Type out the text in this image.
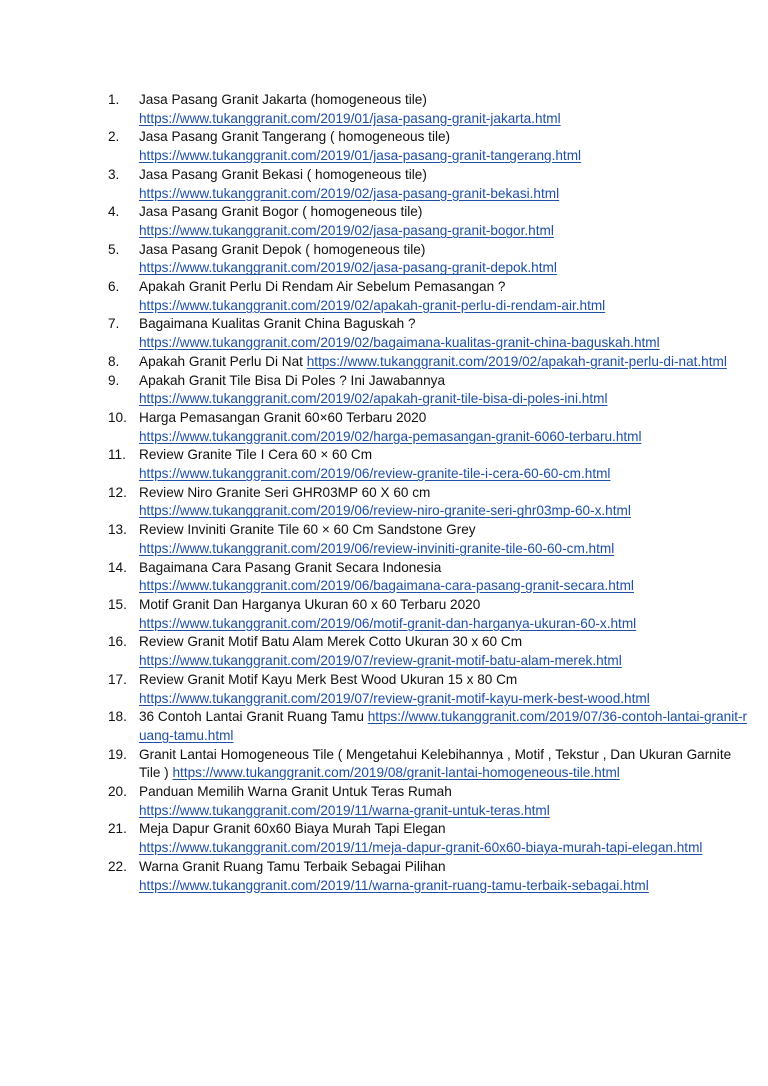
1.	Jasa Pasang Granit Jakarta (homogeneous tile)
https://www.tukanggranit.com/2019/01/jasa-pasang-granit-jakarta.html
2.	Jasa Pasang Granit Tangerang ( homogeneous tile)
https://www.tukanggranit.com/2019/01/jasa-pasang-granit-tangerang.html
3.	Jasa Pasang Granit Bekasi ( homogeneous tile)
https://www.tukanggranit.com/2019/02/jasa-pasang-granit-bekasi.html
4.	Jasa Pasang Granit Bogor ( homogeneous tile)
https://www.tukanggranit.com/2019/02/jasa-pasang-granit-bogor.html
5.	Jasa Pasang Granit Depok ( homogeneous tile)
https://www.tukanggranit.com/2019/02/jasa-pasang-granit-depok.html
6.	Apakah Granit Perlu Di Rendam Air Sebelum Pemasangan ?
https://www.tukanggranit.com/2019/02/apakah-granit-perlu-di-rendam-air.html
7.	Bagaimana Kualitas Granit China Baguskah ?
https://www.tukanggranit.com/2019/02/bagaimana-kualitas-granit-china-baguskah.html
8.	Apakah Granit Perlu Di Nat https://www.tukanggranit.com/2019/02/apakah-granit-perlu-di-nat.html
9.	Apakah Granit Tile Bisa Di Poles ? Ini Jawabannya
https://www.tukanggranit.com/2019/02/apakah-granit-tile-bisa-di-poles-ini.html
10. Harga Pemasangan Granit 60×60 Terbaru 2020
https://www.tukanggranit.com/2019/02/harga-pemasangan-granit-6060-terbaru.html
11. Review Granite Tile I Cera 60 × 60 Cm
https://www.tukanggranit.com/2019/06/review-granite-tile-i-cera-60-60-cm.html
12. Review Niro Granite Seri GHR03MP 60 X 60 cm
https://www.tukanggranit.com/2019/06/review-niro-granite-seri-ghr03mp-60-x.html
13. Review Inviniti Granite Tile 60 × 60 Cm Sandstone Grey
https://www.tukanggranit.com/2019/06/review-inviniti-granite-tile-60-60-cm.html
14. Bagaimana Cara Pasang Granit Secara Indonesia
https://www.tukanggranit.com/2019/06/bagaimana-cara-pasang-granit-secara.html
15. Motif Granit Dan Harganya Ukuran 60 x 60 Terbaru 2020
https://www.tukanggranit.com/2019/06/motif-granit-dan-harganya-ukuran-60-x.html
16. Review Granit Motif Batu Alam Merek Cotto Ukuran 30 x 60 Cm
https://www.tukanggranit.com/2019/07/review-granit-motif-batu-alam-merek.html
17. Review Granit Motif Kayu Merk Best Wood Ukuran 15 x 80 Cm
https://www.tukanggranit.com/2019/07/review-granit-motif-kayu-merk-best-wood.html
18. 36 Contoh Lantai Granit Ruang Tamu https://www.tukanggranit.com/2019/07/36-contoh-lantai-granit-ruang-tamu.html
19. Granit Lantai Homogeneous Tile ( Mengetahui Kelebihannya , Motif , Tekstur , Dan Ukuran Garnite Tile ) https://www.tukanggranit.com/2019/08/granit-lantai-homogeneous-tile.html
20. Panduan Memilih Warna Granit Untuk Teras Rumah
https://www.tukanggranit.com/2019/11/warna-granit-untuk-teras.html
21. Meja Dapur Granit 60x60 Biaya Murah Tapi Elegan
https://www.tukanggranit.com/2019/11/meja-dapur-granit-60x60-biaya-murah-tapi-elegan.html
22. Warna Granit Ruang Tamu Terbaik Sebagai Pilihan
https://www.tukanggranit.com/2019/11/warna-granit-ruang-tamu-terbaik-sebagai.html
